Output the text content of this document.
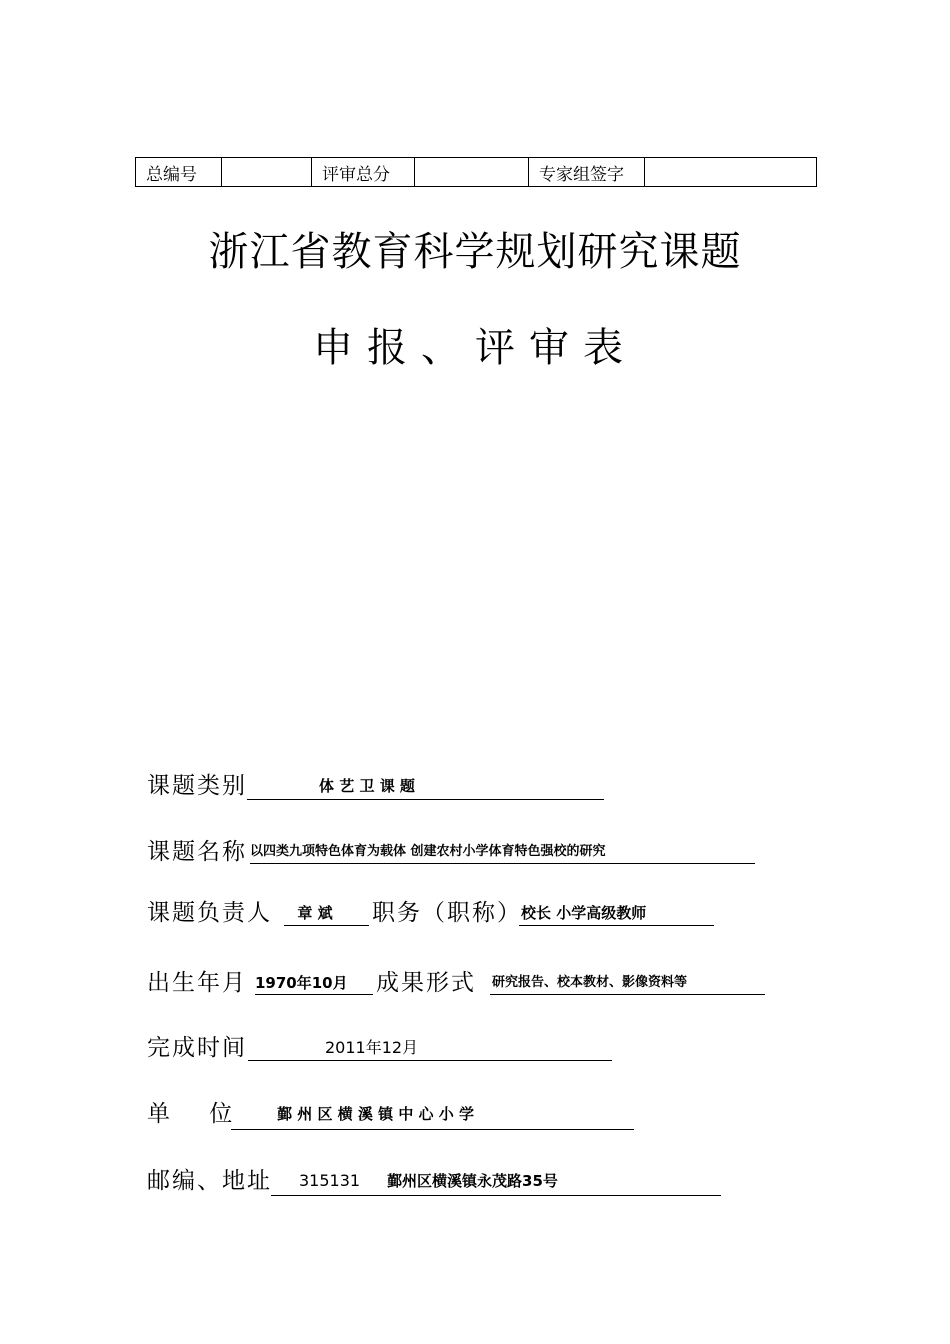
总编号		评审总分		专家组签字	
浙江省教育科学规划研究课题
申报、评审表
课题类别	体 艺 卫 课 题
课题名称 以四类九项特色体育为载体 创建农村小学体育特色强校的研究
课题负责人	章 斌	职务（职称） 校长 小学高级教师
出生年月 1970年10月 成果形式 研究报告、校本教材、影像资料等
完成时间	2011年12月
单    位	鄞 州 区 横 溪 镇 中 心 小 学
邮编、地址 315131 鄞州区横溪镇永茂路35号
